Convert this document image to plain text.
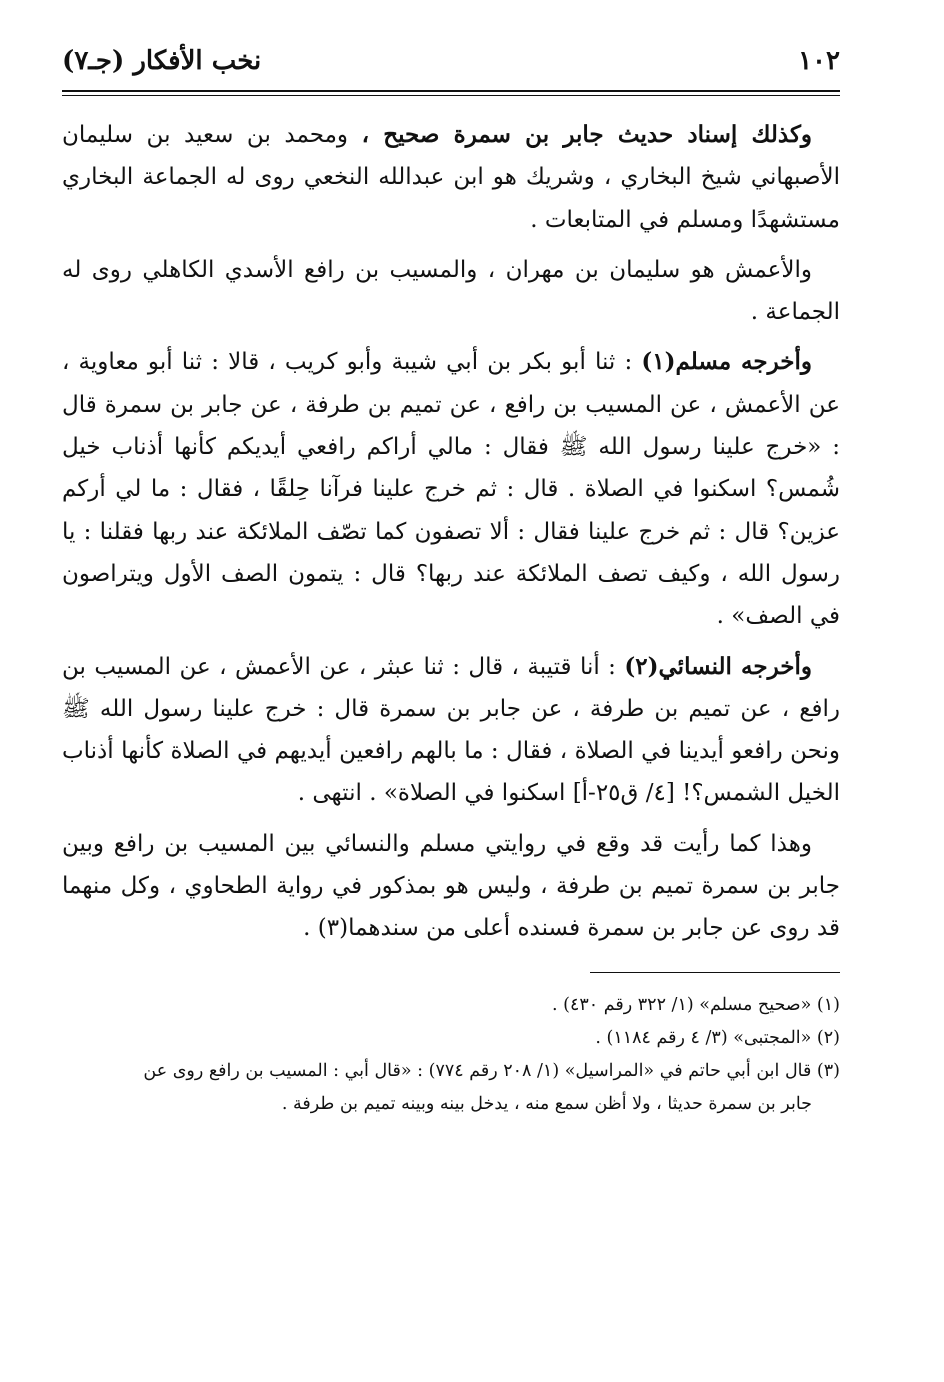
١٠٢
نخب الأفكار (جـ٧)

وكذلك إسناد حديث جابر بن سمرة صحيح ، ومحمد بن سعيد بن سليمان الأصبهاني شيخ البخاري ، وشريك هو ابن عبدالله النخعي روى له الجماعة البخاري مستشهدًا ومسلم في المتابعات .

والأعمش هو سليمان بن مهران ، والمسيب بن رافع الأسدي الكاهلي روى له الجماعة .

وأخرجه مسلم(١) : ثنا أبو بكر بن أبي شيبة وأبو كريب ، قالا : ثنا أبو معاوية ، عن الأعمش ، عن المسيب بن رافع ، عن تميم بن طرفة ، عن جابر بن سمرة قال : «خرج علينا رسول الله ﷺ فقال : مالي أراكم رافعي أيديكم كأنها أذناب خيل شُمس؟ اسكنوا في الصلاة . قال : ثم خرج علينا فرآنا حِلقًا ، فقال : ما لي أركم عزين؟ قال : ثم خرج علينا فقال : ألا تصفون كما تصّف الملائكة عند ربها فقلنا : يا رسول الله ، وكيف تصف الملائكة عند ربها؟ قال : يتمون الصف الأول ويتراصون في الصف» .

وأخرجه النسائي(٢) : أنا قتيبة ، قال : ثنا عبثر ، عن الأعمش ، عن المسيب بن رافع ، عن تميم بن طرفة ، عن جابر بن سمرة قال : خرج علينا رسول الله ﷺ ونحن رافعو أيدينا في الصلاة ، فقال : ما بالهم رافعين أيديهم في الصلاة كأنها أذناب الخيل الشمس؟! [٤/ ق٢٥-أ] اسكنوا في الصلاة» . انتهى .

وهذا كما رأيت قد وقع في روايتي مسلم والنسائي بين المسيب بن رافع وبين جابر بن سمرة تميم بن طرفة ، وليس هو بمذكور في رواية الطحاوي ، وكل منهما قد روى عن جابر بن سمرة فسنده أعلى من سندهما(٣) .

(١) «صحيح مسلم» (١/ ٣٢٢ رقم ٤٣٠) .

(٢) «المجتبى» (٣/ ٤ رقم ١١٨٤) .

(٣) قال ابن أبي حاتم في «المراسيل» (١/ ٢٠٨ رقم ٧٧٤) : «قال أبي : المسيب بن رافع روى عن

جابر بن سمرة حديثا ، ولا أظن سمع منه ، يدخل بينه وبينه تميم بن طرفة .
